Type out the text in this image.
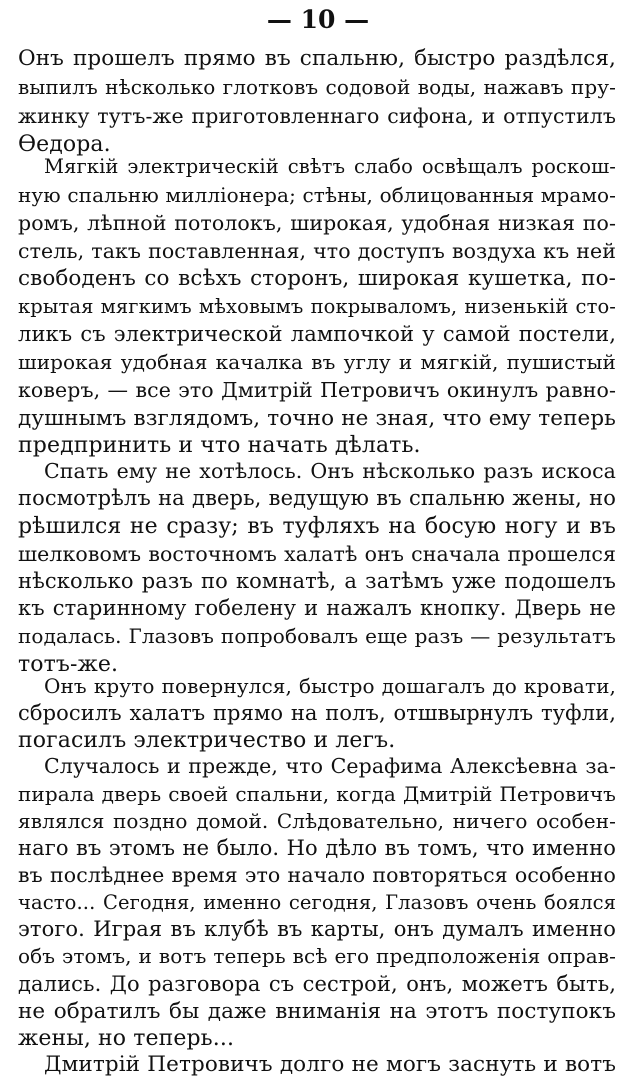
— 10 —
Онъ прошелъ прямо въ спальню, быстро раздѣлся,
выпилъ нѣсколько глотковъ содовой воды, нажавъ пру-
жинку тутъ-же приготовленнаго сифона, и отпустилъ
Ѳедора.
Мягкій электрическій свѣтъ слабо освѣщалъ роскош-
ную спальню милліонера; стѣны, облицованныя мрамо-
ромъ, лѣпной потолокъ, широкая, удобная низкая по-
стель, такъ поставленная, что доступъ воздуха къ ней
свободенъ со всѣхъ сторонъ, широкая кушетка, по-
крытая мягкимъ мѣховымъ покрываломъ, низенькій сто-
ликъ съ электрической лампочкой у самой постели,
широкая удобная качалка въ углу и мягкій, пушистый
коверъ, — все это Дмитрій Петровичъ окинулъ равно-
душнымъ взглядомъ, точно не зная, что ему теперь
предпринить и что начать дѣлать.
Спать ему не хотѣлось. Онъ нѣсколько разъ искоса
посмотрѣлъ на дверь, ведущую въ спальню жены, но
рѣшился не сразу; въ туфляхъ на босую ногу и въ
шелковомъ восточномъ халатѣ онъ сначала прошелся
нѣсколько разъ по комнатѣ, а затѣмъ уже подошелъ
къ старинному гобелену и нажалъ кнопку. Дверь не
подалась. Глазовъ попробовалъ еще разъ — результатъ
тотъ-же.
Онъ круто повернулся, быстро дошагалъ до кровати,
сбросилъ халатъ прямо на полъ, отшвырнулъ туфли,
погасилъ электричество и легъ.
Случалось и прежде, что Серафима Алексѣевна за-
пирала дверь своей спальни, когда Дмитрій Петровичъ
являлся поздно домой. Слѣдовательно, ничего особен-
наго въ этомъ не было. Но дѣло въ томъ, что именно
въ послѣднее время это начало повторяться особенно
часто... Сегодня, именно сегодня, Глазовъ очень боялся
этого. Играя въ клубѣ въ карты, онъ думалъ именно
объ этомъ, и вотъ теперь всѣ его предположенія оправ-
дались. До разговора съ сестрой, онъ, можетъ быть,
не обратилъ бы даже вниманія на этотъ поступокъ
жены, но теперь...
Дмитрій Петровичъ долго не могъ заснуть и вотъ
